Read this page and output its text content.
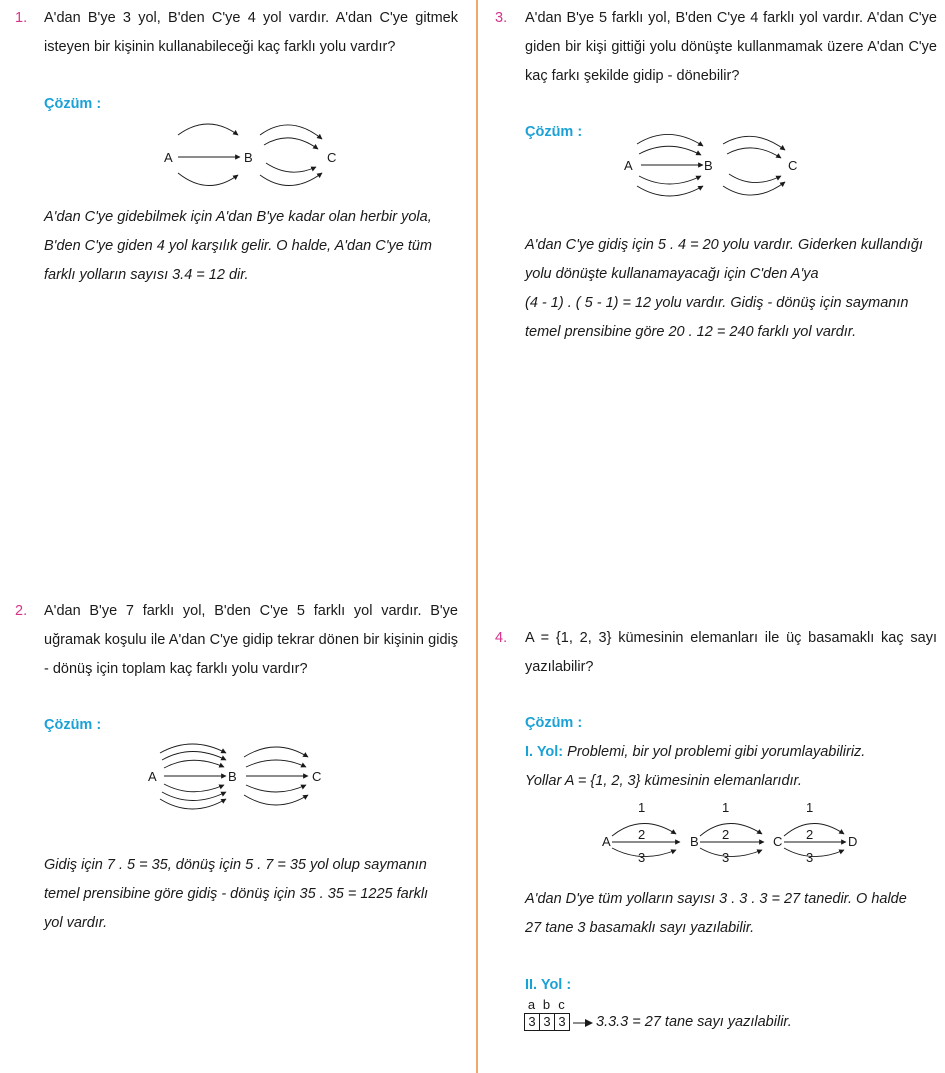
1. A'dan B'ye 3 yol, B'den C'ye 4 yol vardır. A'dan C'ye gitmek isteyen bir kişinin kullanabileceği kaç farklı yolu vardır?
Çözüm :
A	B	C

A'dan C'ye gidebilmek için A'dan B'ye kadar olan herbir yola,

B'den C'ye giden 4 yol karşılık gelir. O halde, A'dan C'ye tüm

farklı yolların sayısı 3.4 = 12 dir.

2. A'dan B'ye 7 farklı yol, B'den C'ye 5 farklı yol vardır. B'ye uğramak koşulu ile A'dan C'ye gidip tekrar dönen bir kişinin gidiş - dönüş için toplam kaç farklı yolu vardır?
Çözüm :
A	B	C

Gidiş için 7 . 5 = 35, dönüş için 5 . 7 = 35 yol olup saymanın

temel prensibine göre gidiş - dönüş için 35 . 35 = 1225 farklı

yol vardır.

3. A'dan B'ye 5 farklı yol, B'den C'ye 4 farklı yol vardır. A'dan C'ye giden bir kişi gittiği yolu dönüşte kullanmamak üzere A'dan C'ye kaç farkı şekilde gidip - dönebilir?
Çözüm :
A	B	C

A'dan C'ye gidiş için 5 . 4 = 20 yolu vardır. Giderken kullandığı

yolu dönüşte kullanamayacağı için C'den A'ya

(4 - 1) . ( 5 - 1) = 12 yolu vardır. Gidiş - dönüş için saymanın

temel prensibine göre 20 . 12 = 240 farklı yol vardır.

4. A = {1, 2, 3} kümesinin elemanları ile üç basamaklı kaç sayı yazılabilir?
Çözüm :

I. Yol: Problemi, bir yol problemi gibi yorumlayabiliriz.

Yollar A = {1, 2, 3} kümesinin elemanlarıdır.

A	B	C	D
1	1	1
2	2	2
3	3	3

A'dan D'ye tüm yolların sayısı 3 . 3 . 3 = 27 tanedir. O halde

27 tane 3 basamaklı sayı yazılabilir.

II. Yol :
a b c
3 3 3 3.3.3 = 27 tane sayı yazılabilir.
